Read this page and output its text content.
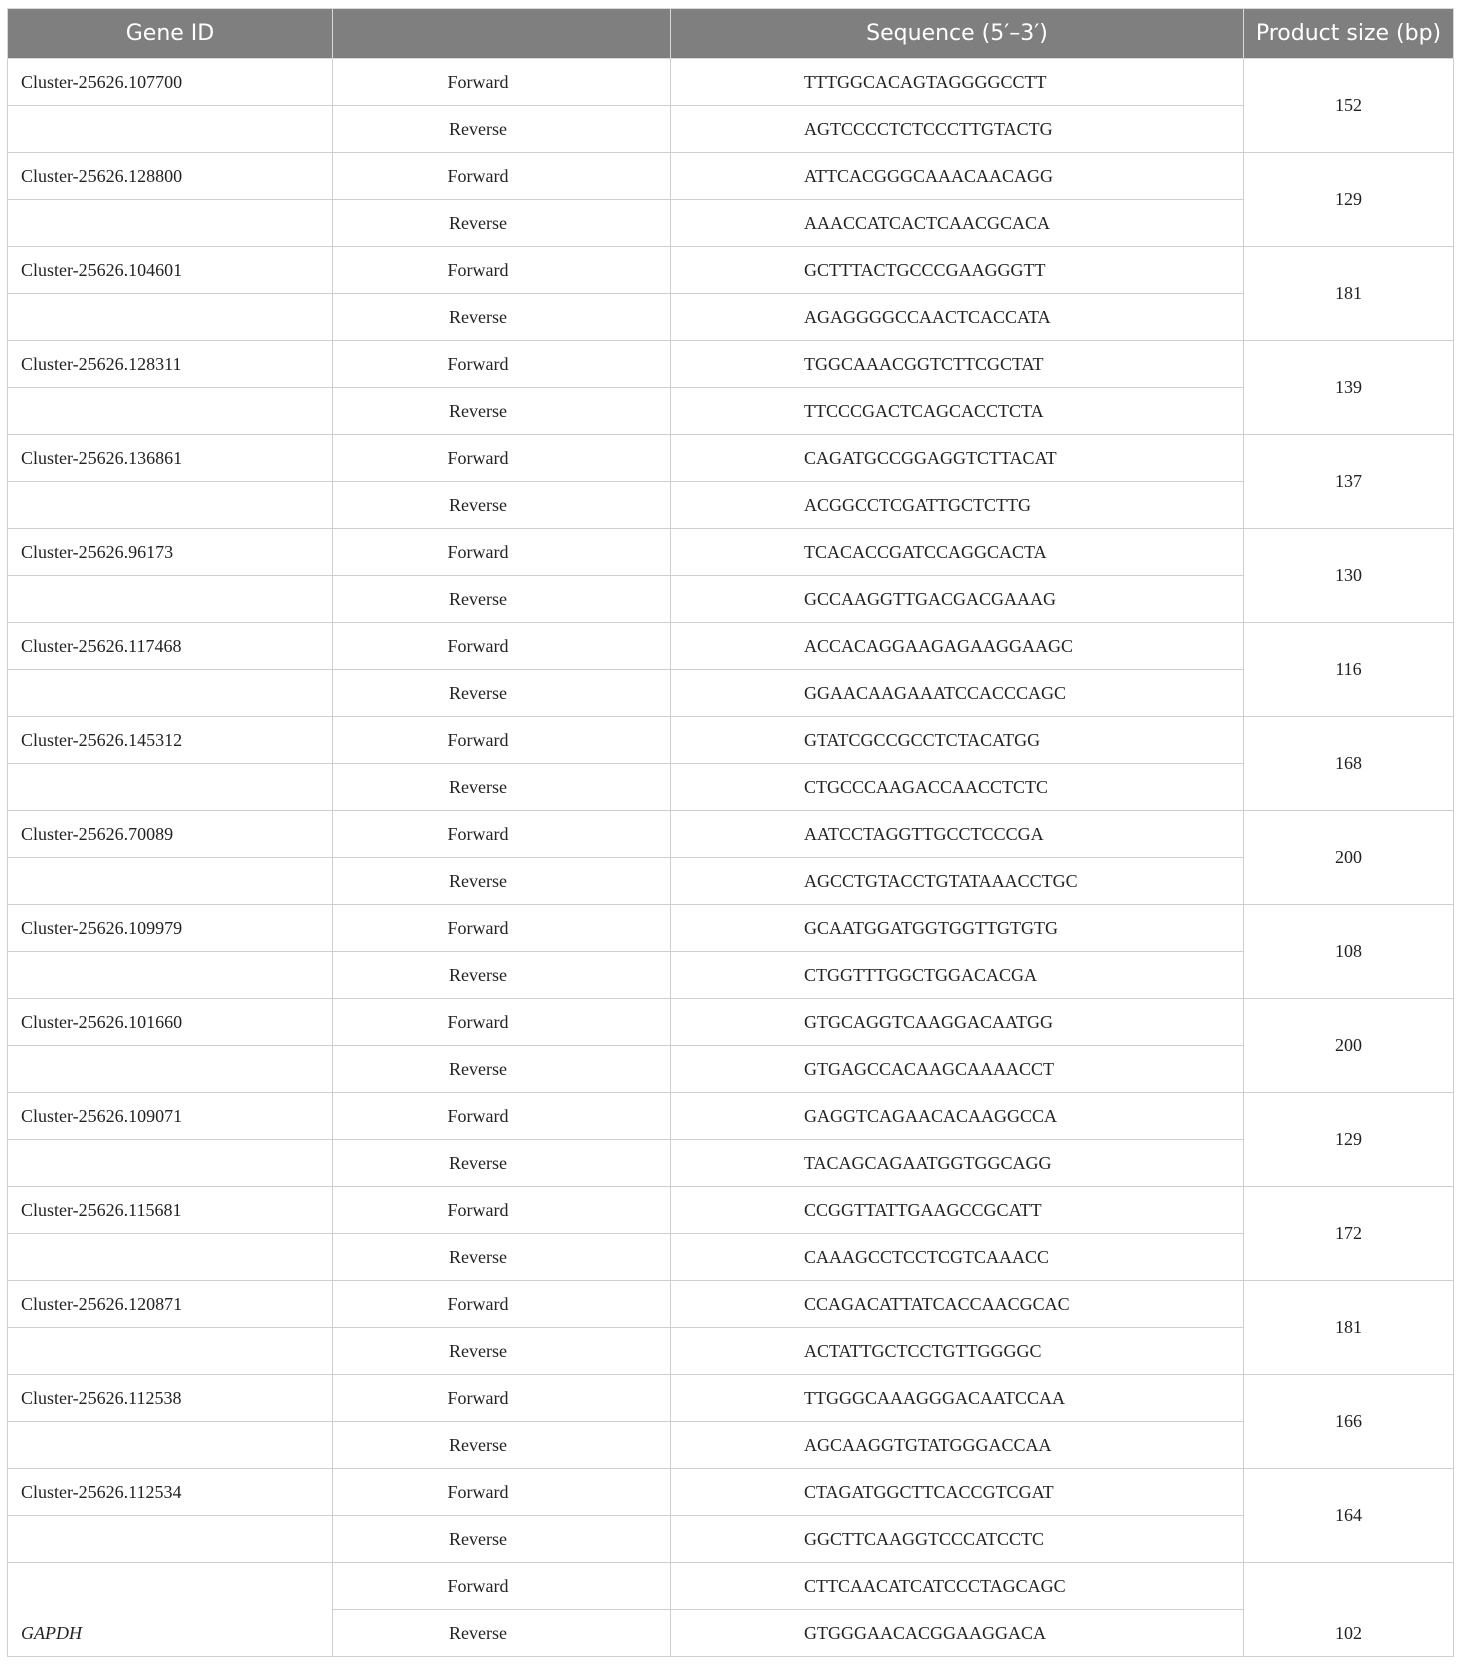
Gene ID		Sequence (5′–3′)	Product size (bp)
Cluster-25626.107700	Forward	TTTGGCACAGTAGGGGCCTT	152
	Reverse	AGTCCCCTCTCCCTTGTACTG	
Cluster-25626.128800	Forward	ATTCACGGGCAAACAACAGG	129
	Reverse	AAACCATCACTCAACGCACA	
Cluster-25626.104601	Forward	GCTTTACTGCCCGAAGGGTT	181
	Reverse	AGAGGGGCCAACTCACCATA	
Cluster-25626.128311	Forward	TGGCAAACGGTCTTCGCTAT	139
	Reverse	TTCCCGACTCAGCACCTCTA	
Cluster-25626.136861	Forward	CAGATGCCGGAGGTCTTACAT	137
	Reverse	ACGGCCTCGATTGCTCTTG	
Cluster-25626.96173	Forward	TCACACCGATCCAGGCACTA	130
	Reverse	GCCAAGGTTGACGACGAAAG	
Cluster-25626.117468	Forward	ACCACAGGAAGAGAAGGAAGC	116
	Reverse	GGAACAAGAAATCCACCCAGC	
Cluster-25626.145312	Forward	GTATCGCCGCCTCTACATGG	168
	Reverse	CTGCCCAAGACCAACCTCTC	
Cluster-25626.70089	Forward	AATCCTAGGTTGCCTCCCGA	200
	Reverse	AGCCTGTACCTGTATAAACCTGC	
Cluster-25626.109979	Forward	GCAATGGATGGTGGTTGTGTG	108
	Reverse	CTGGTTTGGCTGGACACGA	
Cluster-25626.101660	Forward	GTGCAGGTCAAGGACAATGG	200
	Reverse	GTGAGCCACAAGCAAAACCT	
Cluster-25626.109071	Forward	GAGGTCAGAACACAAGGCCA	129
	Reverse	TACAGCAGAATGGTGGCAGG	
Cluster-25626.115681	Forward	CCGGTTATTGAAGCCGCATT	172
	Reverse	CAAAGCCTCCTCGTCAAACC	
Cluster-25626.120871	Forward	CCAGACATTATCACCAACGCAC	181
	Reverse	ACTATTGCTCCTGTTGGGGC	
Cluster-25626.112538	Forward	TTGGGCAAAGGGACAATCCAA	166
	Reverse	AGCAAGGTGTATGGGACCAA	
Cluster-25626.112534	Forward	CTAGATGGCTTCACCGTCGAT	164
	Reverse	GGCTTCAAGGTCCCATCCTC	
GAPDH	Forward	CTTCAACATCATCCCTAGCAGC	102
	Reverse	GTGGGAACACGGAAGGACA	
